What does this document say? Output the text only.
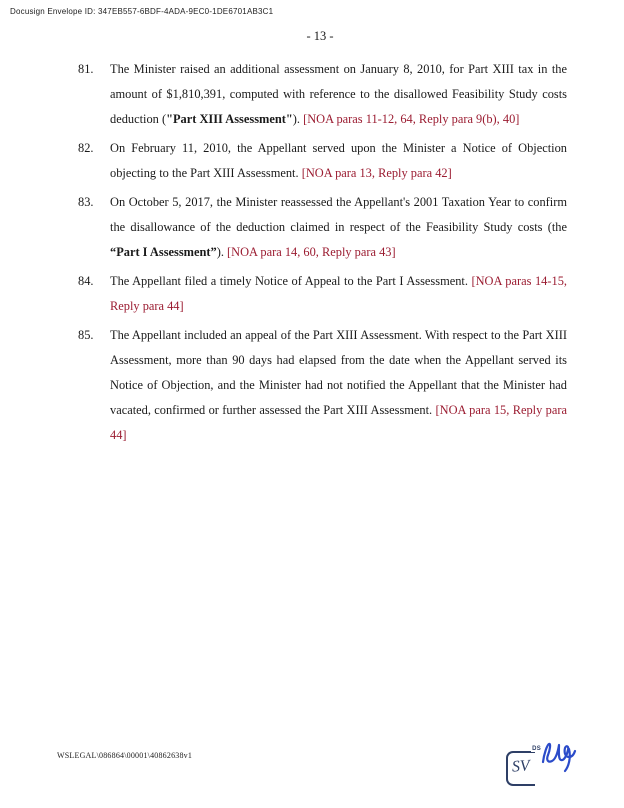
Docusign Envelope ID: 347EB557-6BDF-4ADA-9EC0-1DE6701AB3C1
- 13 -
81. The Minister raised an additional assessment on January 8, 2010, for Part XIII tax in the amount of $1,810,391, computed with reference to the disallowed Feasibility Study costs deduction ("Part XIII Assessment"). [NOA paras 11-12, 64, Reply para 9(b), 40]
82. On February 11, 2010, the Appellant served upon the Minister a Notice of Objection objecting to the Part XIII Assessment. [NOA para 13, Reply para 42]
83. On October 5, 2017, the Minister reassessed the Appellant's 2001 Taxation Year to confirm the disallowance of the deduction claimed in respect of the Feasibility Study costs (the “Part I Assessment”). [NOA para 14, 60, Reply para 43]
84. The Appellant filed a timely Notice of Appeal to the Part I Assessment. [NOA paras 14-15, Reply para 44]
85. The Appellant included an appeal of the Part XIII Assessment. With respect to the Part XIII Assessment, more than 90 days had elapsed from the date when the Appellant served its Notice of Objection, and the Minister had not notified the Appellant that the Minister had vacated, confirmed or further assessed the Part XIII Assessment. [NOA para 15, Reply para 44]
WSLEGAL\086864\00001\40862638v1
DS
SV
